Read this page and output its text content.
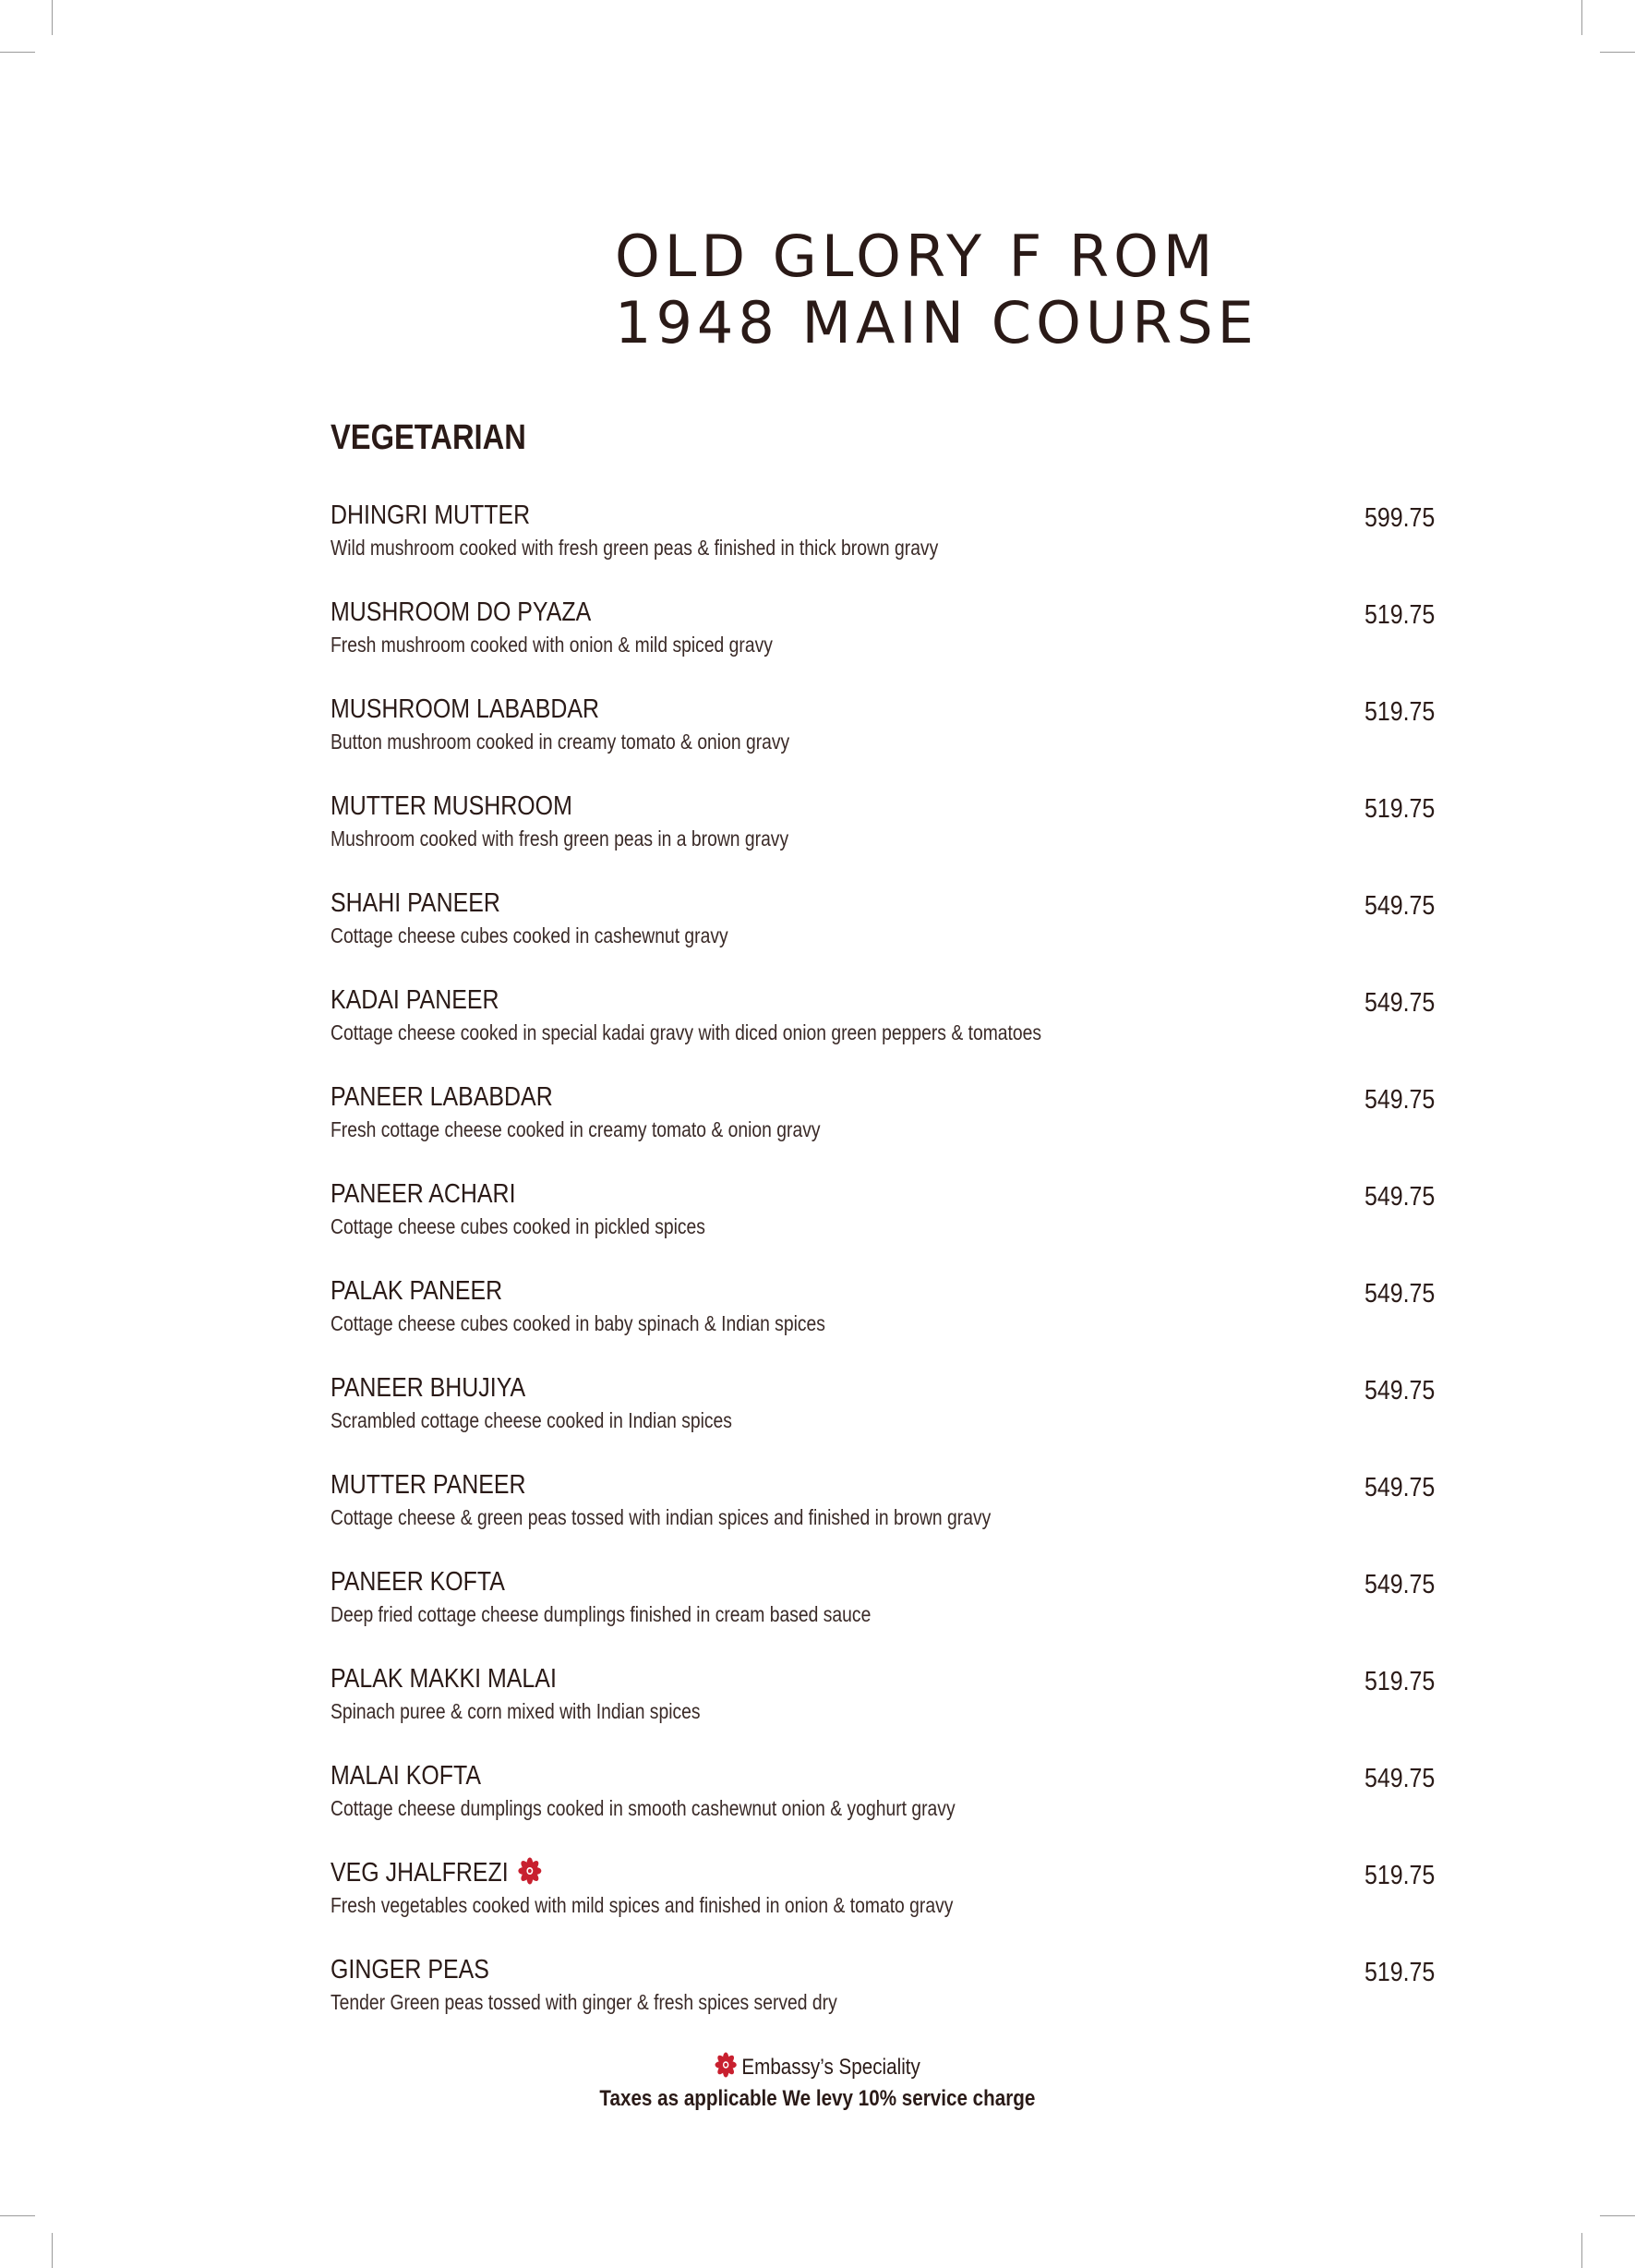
OLD GLORY F ROM
1948 MAIN COURSE
VEGETARIAN
DHINGRI MUTTER	599.75
Wild mushroom cooked with fresh green peas & finished in thick brown gravy
MUSHROOM DO PYAZA	519.75
Fresh mushroom cooked with onion & mild spiced gravy
MUSHROOM LABABDAR	519.75
Button mushroom cooked in creamy tomato & onion gravy
MUTTER MUSHROOM	519.75
Mushroom cooked with fresh green peas in a brown gravy
SHAHI PANEER	549.75
Cottage cheese cubes cooked in cashewnut gravy
KADAI PANEER	549.75
Cottage cheese cooked in special kadai gravy with diced onion green peppers & tomatoes
PANEER LABABDAR	549.75
Fresh cottage cheese cooked in creamy tomato & onion gravy
PANEER ACHARI	549.75
Cottage cheese cubes cooked in pickled spices
PALAK PANEER	549.75
Cottage cheese cubes cooked in baby spinach & Indian spices
PANEER BHUJIYA	549.75
Scrambled cottage cheese cooked in Indian spices
MUTTER PANEER	549.75
Cottage cheese & green peas tossed with indian spices and finished in brown gravy
PANEER KOFTA	549.75
Deep fried cottage cheese dumplings finished in cream based sauce
PALAK MAKKI MALAI	519.75
Spinach puree & corn mixed with Indian spices
MALAI KOFTA	549.75
Cottage cheese dumplings cooked in smooth cashewnut onion & yoghurt gravy
VEG JHALFREZI	519.75
Fresh vegetables cooked with mild spices and finished in onion & tomato gravy
GINGER PEAS	519.75
Tender Green peas tossed with ginger & fresh spices served dry
Embassy’s Speciality
Taxes as applicable We levy 10% service charge
